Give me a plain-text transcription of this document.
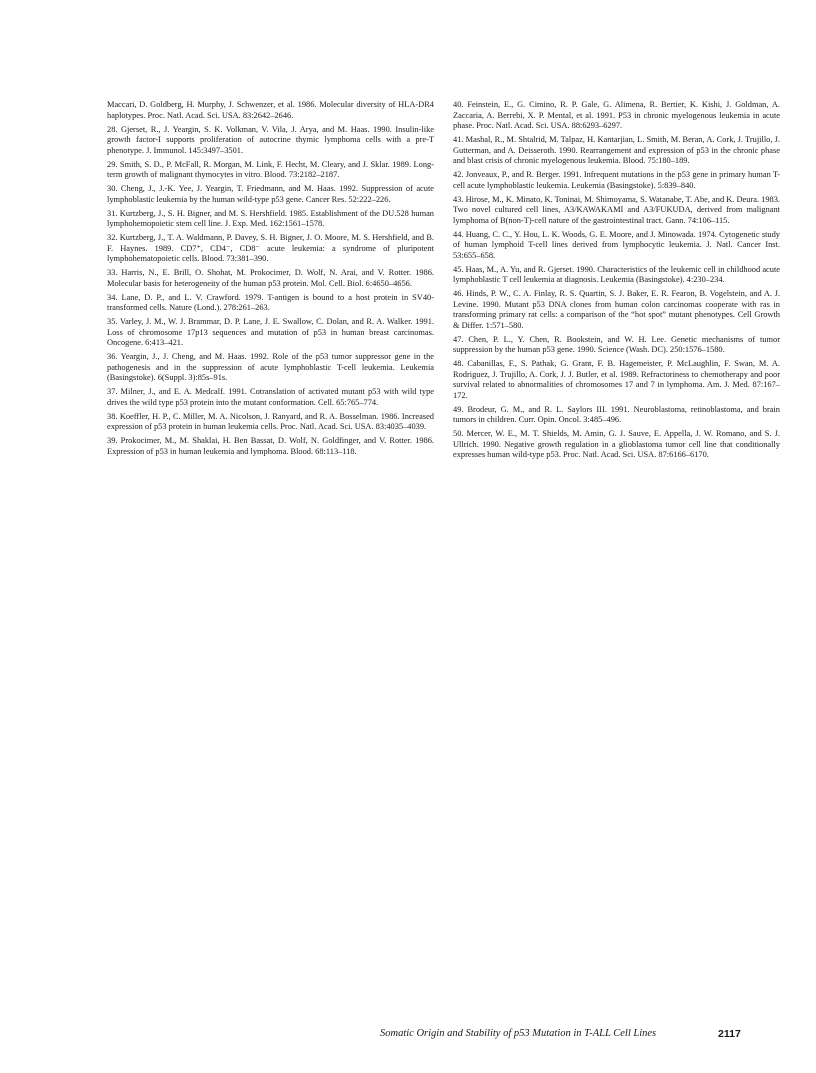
Maccari, D. Goldberg, H. Murphy, J. Schwenzer, et al. 1986. Molecular diversity of HLA-DR4 haplotypes. Proc. Natl. Acad. Sci. USA. 83:2642–2646.

28. Gjerset, R., J. Yeargin, S. K. Volkman, V. Vila, J. Arya, and M. Haas. 1990. Insulin-like growth factor-I supports proliferation of autocrine thymic lymphoma cells with a pre-T phenotype. J. Immunol. 145:3497–3501.

29. Smith, S. D., P. McFall, R. Morgan, M. Link, F. Hecht, M. Cleary, and J. Sklar. 1989. Long-term growth of malignant thymocytes in vitro. Blood. 73:2182–2187.

30. Cheng, J., J.-K. Yee, J. Yeargin, T. Friedmann, and M. Haas. 1992. Suppression of acute lymphoblastic leukemia by the human wild-type p53 gene. Cancer Res. 52:222–226.

31. Kurtzberg, J., S. H. Bigner, and M. S. Hershfield. 1985. Establishment of the DU.528 human lymphohemopoietic stem cell line. J. Exp. Med. 162:1561–1578.

32. Kurtzberg, J., T. A. Waldmann, P. Davey, S. H. Bigner, J. O. Moore, M. S. Hershfield, and B. F. Haynes. 1989. CD7⁺, CD4⁻, CD8⁻ acute leukemia: a syndrome of pluripotent lymphohematopoietic cells. Blood. 73:381–390.

33. Harris, N., E. Brill, O. Shohat, M. Prokocimer, D. Wolf, N. Arai, and V. Rotter. 1986. Molecular basis for heterogeneity of the human p53 protein. Mol. Cell. Biol. 6:4650–4656.

34. Lane, D. P., and L. V. Crawford. 1979. T-antigen is bound to a host protein in SV40-transformed cells. Nature (Lond.). 278:261–263.

35. Varley, J. M., W. J. Brammar, D. P. Lane, J. E. Swallow, C. Dolan, and R. A. Walker. 1991. Loss of chromosome 17p13 sequences and mutation of p53 in human breast carcinomas. Oncogene. 6:413–421.

36. Yeargin, J., J. Cheng, and M. Haas. 1992. Role of the p53 tumor suppressor gene in the pathogenesis and in the suppression of acute lymphoblastic T-cell leukemia. Leukemia (Basingstoke). 6(Suppl. 3):85s–91s.

37. Milner, J., and E. A. Medcalf. 1991. Cotranslation of activated mutant p53 with wild type drives the wild type p53 protein into the mutant conformation. Cell. 65:765–774.

38. Koeffler, H. P., C. Miller, M. A. Nicolson, J. Ranyard, and R. A. Bosselman. 1986. Increased expression of p53 protein in human leukemia cells. Proc. Natl. Acad. Sci. USA. 83:4035–4039.

39. Prokocimer, M., M. Shaklai, H. Ben Bassat, D. Wolf, N. Goldfinger, and V. Rotter. 1986. Expression of p53 in human leukemia and lymphoma. Blood. 68:113–118.

40. Feinstein, E., G. Cimino, R. P. Gale, G. Alimena, R. Bertier, K. Kishi, J. Goldman, A. Zaccaria, A. Berrebi, X. P. Mental, et al. 1991. P53 in chronic myelogenous leukemia in acute phase. Proc. Natl. Acad. Sci. USA. 88:6293–6297.

41. Mashal, R., M. Shtalrid, M. Talpaz, H. Kantarjian, L. Smith, M. Beran, A. Cork, J. Trujillo, J. Gutterman, and A. Deisseroth. 1990. Rearrangement and expression of p53 in the chronic phase and blast crisis of chronic myelogenous leukemia. Blood. 75:180–189.

42. Jonveaux, P., and R. Berger. 1991. Infrequent mutations in the p53 gene in primary human T-cell acute lymphoblastic leukemia. Leukemia (Basingstoke). 5:839–840.

43. Hirose, M., K. Minato, K. Toninai, M. Shimoyama, S. Watanabe, T. Abe, and K. Deura. 1983. Two novel cultured cell lines, A3/KAWAKAMI and A3/FUKUDA, derived from malignant lymphoma of B(non-T)-cell nature of the gastrointestinal tract. Gann. 74:106–115.

44. Huang, C. C., Y. Hou, L. K. Woods, G. E. Moore, and J. Minowada. 1974. Cytogenetic study of human lymphoid T-cell lines derived from lymphocytic leukemia. J. Natl. Cancer Inst. 53:655–658.

45. Haas, M., A. Yu, and R. Gjerset. 1990. Characteristics of the leukemic cell in childhood acute lymphoblastic T cell leukemia at diagnosis. Leukemia (Basingstoke). 4:230–234.

46. Hinds, P. W., C. A. Finlay, R. S. Quartin, S. J. Baker, E. R. Fearon, B. Vogelstein, and A. J. Levine. 1990. Mutant p53 DNA clones from human colon carcinomas cooperate with ras in transforming primary rat cells: a comparison of the “hot spot” mutant phenotypes. Cell Growth & Differ. 1:571–580.

47. Chen, P. L., Y. Chen, R. Bookstein, and W. H. Lee. Genetic mechanisms of tumor suppression by the human p53 gene. 1990. Science (Wash. DC). 250:1576–1580.

48. Cabanillas, F., S. Pathak, G. Grant, F. B. Hagemeister, P. McLaughlin, F. Swan, M. A. Rodriguez, J. Trujillo, A. Cork, J. J. Butler, et al. 1989. Refractoriness to chemotherapy and poor survival related to abnormalities of chromosomes 17 and 7 in lymphoma. Am. J. Med. 87:167–172.

49. Brodeur, G. M., and R. L. Saylors III. 1991. Neuroblastoma, retinoblastoma, and brain tumors in children. Curr. Opin. Oncol. 3:485–496.

50. Mercer, W. E., M. T. Shields, M. Amin, G. J. Sauve, E. Appella, J. W. Romano, and S. J. Ullrich. 1990. Negative growth regulation in a glioblastoma tumor cell line that conditionally expresses human wild-type p53. Proc. Natl. Acad. Sci. USA. 87:6166–6170.

Somatic Origin and Stability of p53 Mutation in T-ALL Cell Lines	2117
